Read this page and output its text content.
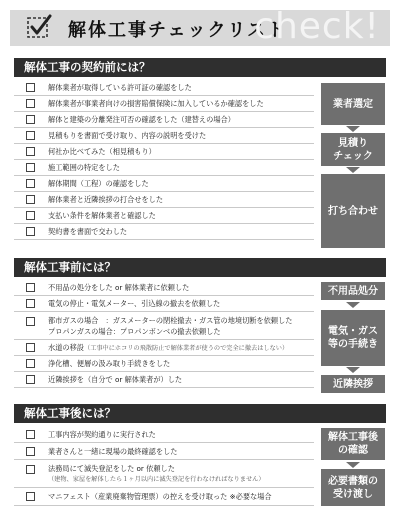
解体工事チェックリスト
check!
解体工事の契約前には？
解体業者が取得している許可証の確認をした
解体業者が事業者向けの損害賠償保険に加入しているか確認をした
解体と建築の分離発注可否の確認をした（建替えの場合）
見積もりを書面で受け取り、内容の説明を受けた
何社か比べてみた（相見積もり）
施工範囲の特定をした
解体期間（工程）の確認をした
解体業者と近隣挨拶の打合せをした
支払い条件を解体業者と確認した
契約書を書面で交わした
業者選定
見積り
チェック
打ち合わせ
解体工事前には？
不用品の処分をした or 解体業者に依頼した
電気の停止・電気メーター、引込線の撤去を依頼した
都市ガスの場合　：ガスメーターの閉栓撤去・ガス管の地境切断を依頼した
プロパンガスの場合：プロパンボンベの撤去依頼した
水道の移設（工事中にホコリの飛散防止で解体業者が使うので完全に撤去はしない）
浄化槽、便層の汲み取り手続きをした
近隣挨拶を（自分で or 解体業者が）した
不用品処分
電気・ガス
等の手続き
近隣挨拶
解体工事後には？
工事内容が契約通りに実行された
業者さんと一緒に現場の最終確認をした
法務局にて滅失登記をした or 依頼した
（建物、家屋を解体したら１ヶ月以内に滅失登記を行わなければなりません）
マニフェスト（産業廃棄物管理票）の控えを受け取った ※必要な場合
解体工事後
の確認
必要書類の
受け渡し
